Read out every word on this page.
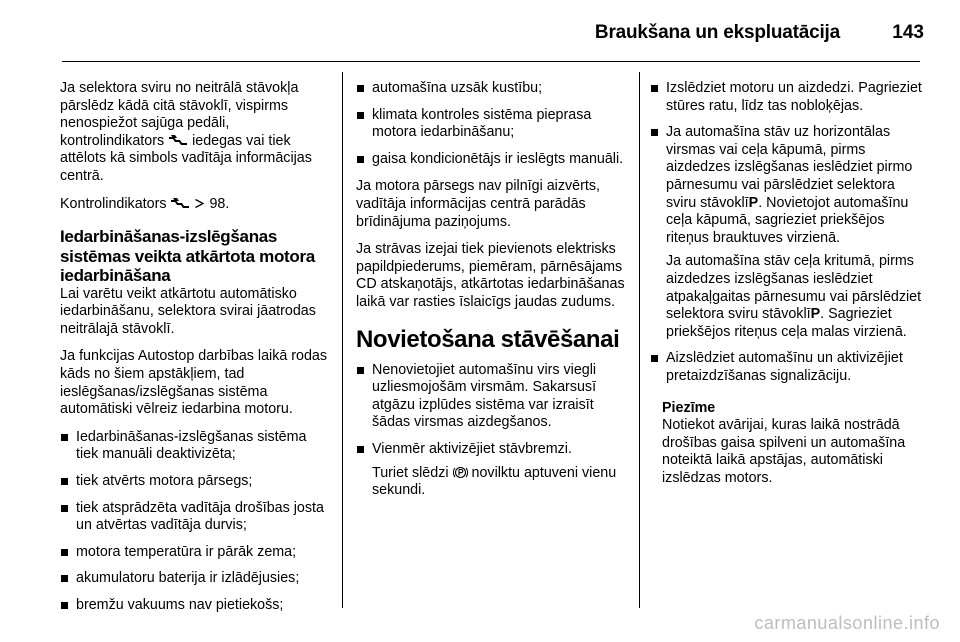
Braukšana un ekspluatācija	143

Ja selektora sviru no neitrālā stāvokļa pārslēdz kādā citā stāvoklī, vispirms nenospiežot sajūga pedāli, kontrolindikators iedegas vai tiek attēlots kā simbols vadītāja informācijas centrā.

Kontrolindikators	98.

Iedarbināšanas-izslēgšanas sistēmas veikta atkārtota motora iedarbināšana

Lai varētu veikt atkārtotu automātisko iedarbināšanu, selektora svirai jāatrodas neitrālajā stāvoklī.

Ja funkcijas Autostop darbības laikā rodas kāds no šiem apstākļiem, tad ieslēgšanas/izslēgšanas sistēma automātiski vēlreiz iedarbina motoru.

Iedarbināšanas-izslēgšanas sistēma tiek manuāli deaktivizēta;
tiek atvērts motora pārsegs;
tiek atsprādzēta vadītāja drošības josta un atvērtas vadītāja durvis;
motora temperatūra ir pārāk zema;
akumulatoru baterija ir izlādējusies;
bremžu vakuums nav pietiekošs;
automašīna uzsāk kustību;
klimata kontroles sistēma pieprasa motora iedarbināšanu;
gaisa kondicionētājs ir ieslēgts manuāli.

Ja motora pārsegs nav pilnīgi aizvērts, vadītāja informācijas centrā parādās brīdinājuma paziņojums.

Ja strāvas izejai tiek pievienots elektrisks papildpiederums, piemēram, pārnēsājams CD atskaņotājs, atkārtotas iedarbināšanas laikā var rasties īslaicīgs jaudas zudums.

Novietošana stāvēšanai
Nenovietojiet automašīnu virs viegli uzliesmojošām virsmām. Sakarsusī atgāzu izplūdes sistēma var izraisīt šādas virsmas aizdegšanos.
Vienmēr aktivizējiet stāvbremzi.
Turiet slēdzi novilktu aptuveni vienu sekundi.
Izslēdziet motoru un aizdedzi. Pagrieziet stūres ratu, līdz tas nobloķējas.
Ja automašīna stāv uz horizontālas virsmas vai ceļa kāpumā, pirms aizdedzes izslēgšanas ieslēdziet pirmo pārnesumu vai pārslēdziet selektora sviru stāvoklīP. Novietojot automašīnu ceļa kāpumā, sagrieziet priekšējos riteņus brauktuves virzienā.
Ja automašīna stāv ceļa kritumā, pirms aizdedzes izslēgšanas ieslēdziet atpakaļgaitas pārnesumu vai pārslēdziet selektora sviru stāvoklīP. Sagrieziet priekšējos riteņus ceļa malas virzienā.
Aizslēdziet automašīnu un aktivizējiet pretaizdzīšanas signalizāciju.

Piezīme

Notiekot avārijai, kuras laikā nostrādā drošības gaisa spilveni un automašīna noteiktā laikā apstājas, automātiski izslēdzas motors.

carmanualsonline.info
